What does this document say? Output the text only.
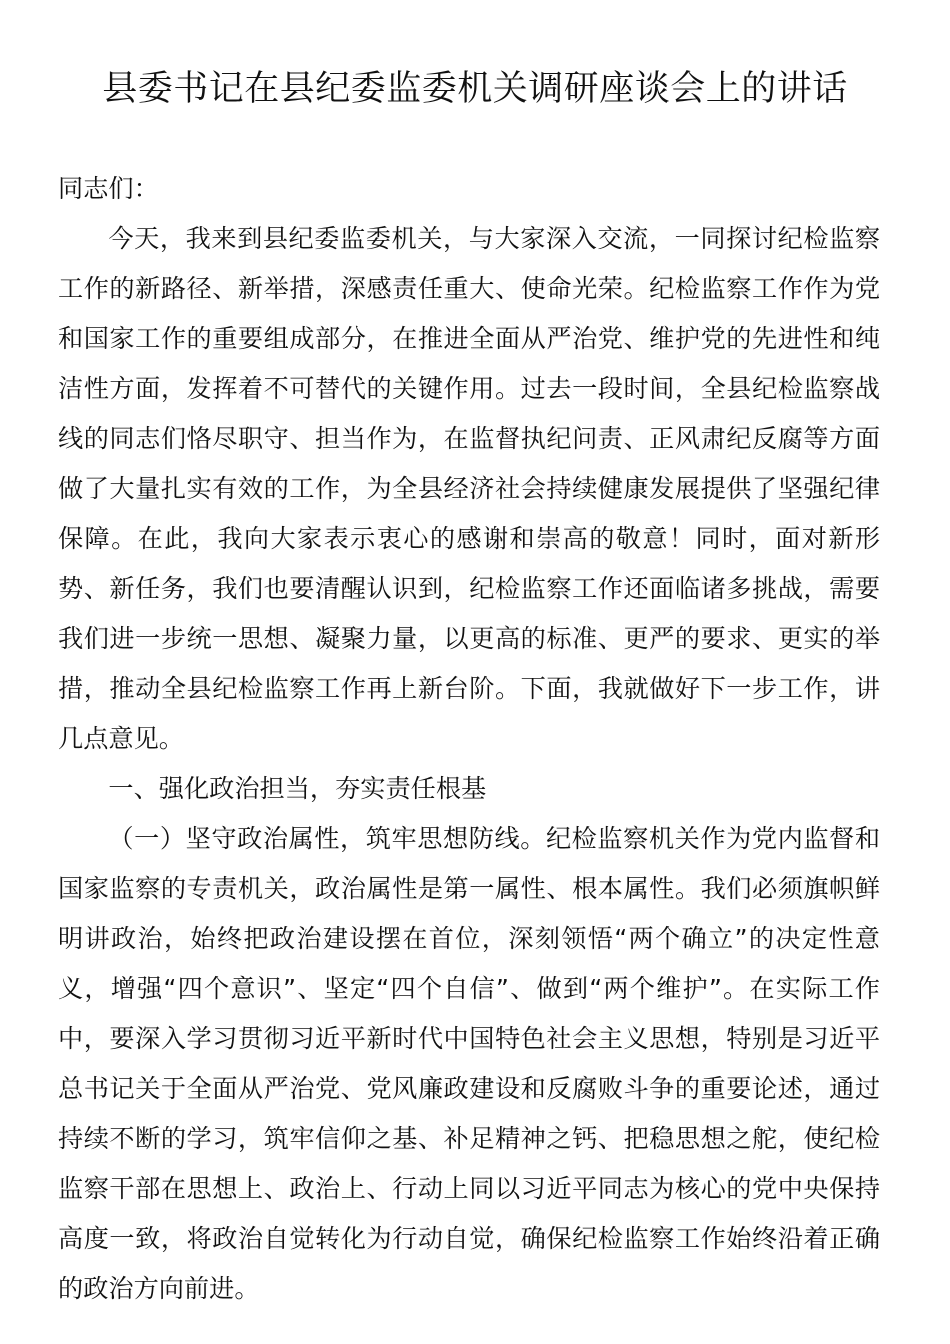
县委书记在县纪委监委机关调研座谈会上的讲话

同志们：

今天，我来到县纪委监委机关，与大家深入交流，一同探讨纪检监察工作的新路径、新举措，深感责任重大、使命光荣。纪检监察工作作为党和国家工作的重要组成部分，在推进全面从严治党、维护党的先进性和纯洁性方面，发挥着不可替代的关键作用。过去一段时间，全县纪检监察战线的同志们恪尽职守、担当作为，在监督执纪问责、正风肃纪反腐等方面做了大量扎实有效的工作，为全县经济社会持续健康发展提供了坚强纪律保障。在此，我向大家表示衷心的感谢和崇高的敬意！同时，面对新形势、新任务，我们也要清醒认识到，纪检监察工作还面临诸多挑战，需要我们进一步统一思想、凝聚力量，以更高的标准、更严的要求、更实的举措，推动全县纪检监察工作再上新台阶。下面，我就做好下一步工作，讲几点意见。

一、强化政治担当，夯实责任根基

（一）坚守政治属性，筑牢思想防线。纪检监察机关作为党内监督和国家监察的专责机关，政治属性是第一属性、根本属性。我们必须旗帜鲜明讲政治，始终把政治建设摆在首位，深刻领悟“两个确立”的决定性意义，增强“四个意识”、坚定“四个自信”、做到“两个维护”。在实际工作中，要深入学习贯彻习近平新时代中国特色社会主义思想，特别是习近平总书记关于全面从严治党、党风廉政建设和反腐败斗争的重要论述，通过持续不断的学习，筑牢信仰之基、补足精神之钙、把稳思想之舵，使纪检监察干部在思想上、政治上、行动上同以习近平同志为核心的党中央保持高度一致，将政治自觉转化为行动自觉，确保纪检监察工作始终沿着正确的政治方向前进。
